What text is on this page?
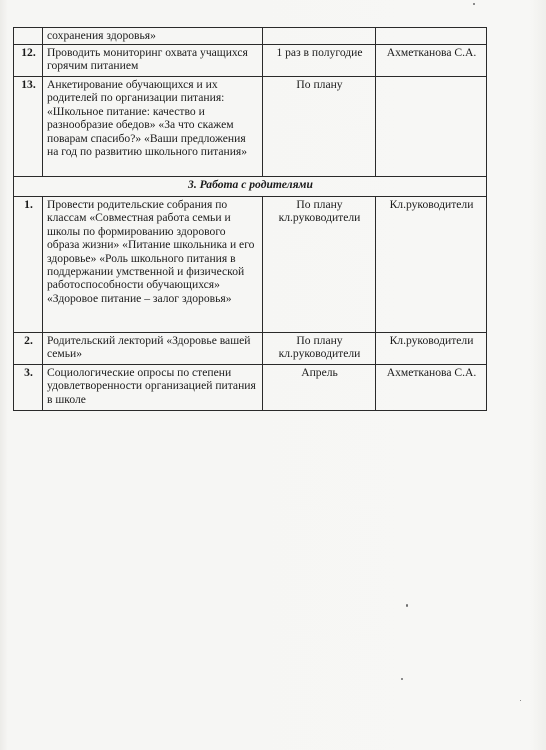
	сохранения здоровья»		
12.	Проводить мониторинг охвата учащихся горячим питанием	1 раз в полугодие	Ахметканова С.А.
13.	Анкетирование обучающихся и их родителей по организации питания: «Школьное питание: качество и разнообразие обедов» «За что скажем поварам спасибо?» «Ваши предложения на год по развитию школьного питания»	По плану	
3. Работа с родителями			
1.	Провести родительские собрания по классам «Совместная работа семьи и школы по формированию здорового образа жизни» «Питание школьника и его здоровье» «Роль школьного питания в поддержании умственной и физической работоспособности обучающихся» «Здоровое питание – залог здоровья»	По плану кл.руководители	Кл.руководители
2.	Родительский лекторий «Здоровье вашей семьи»	По плану кл.руководители	Кл.руководители
3.	Социологические опросы по степени удовлетворенности организацией питания в школе	Апрель	Ахметканова С.А.
